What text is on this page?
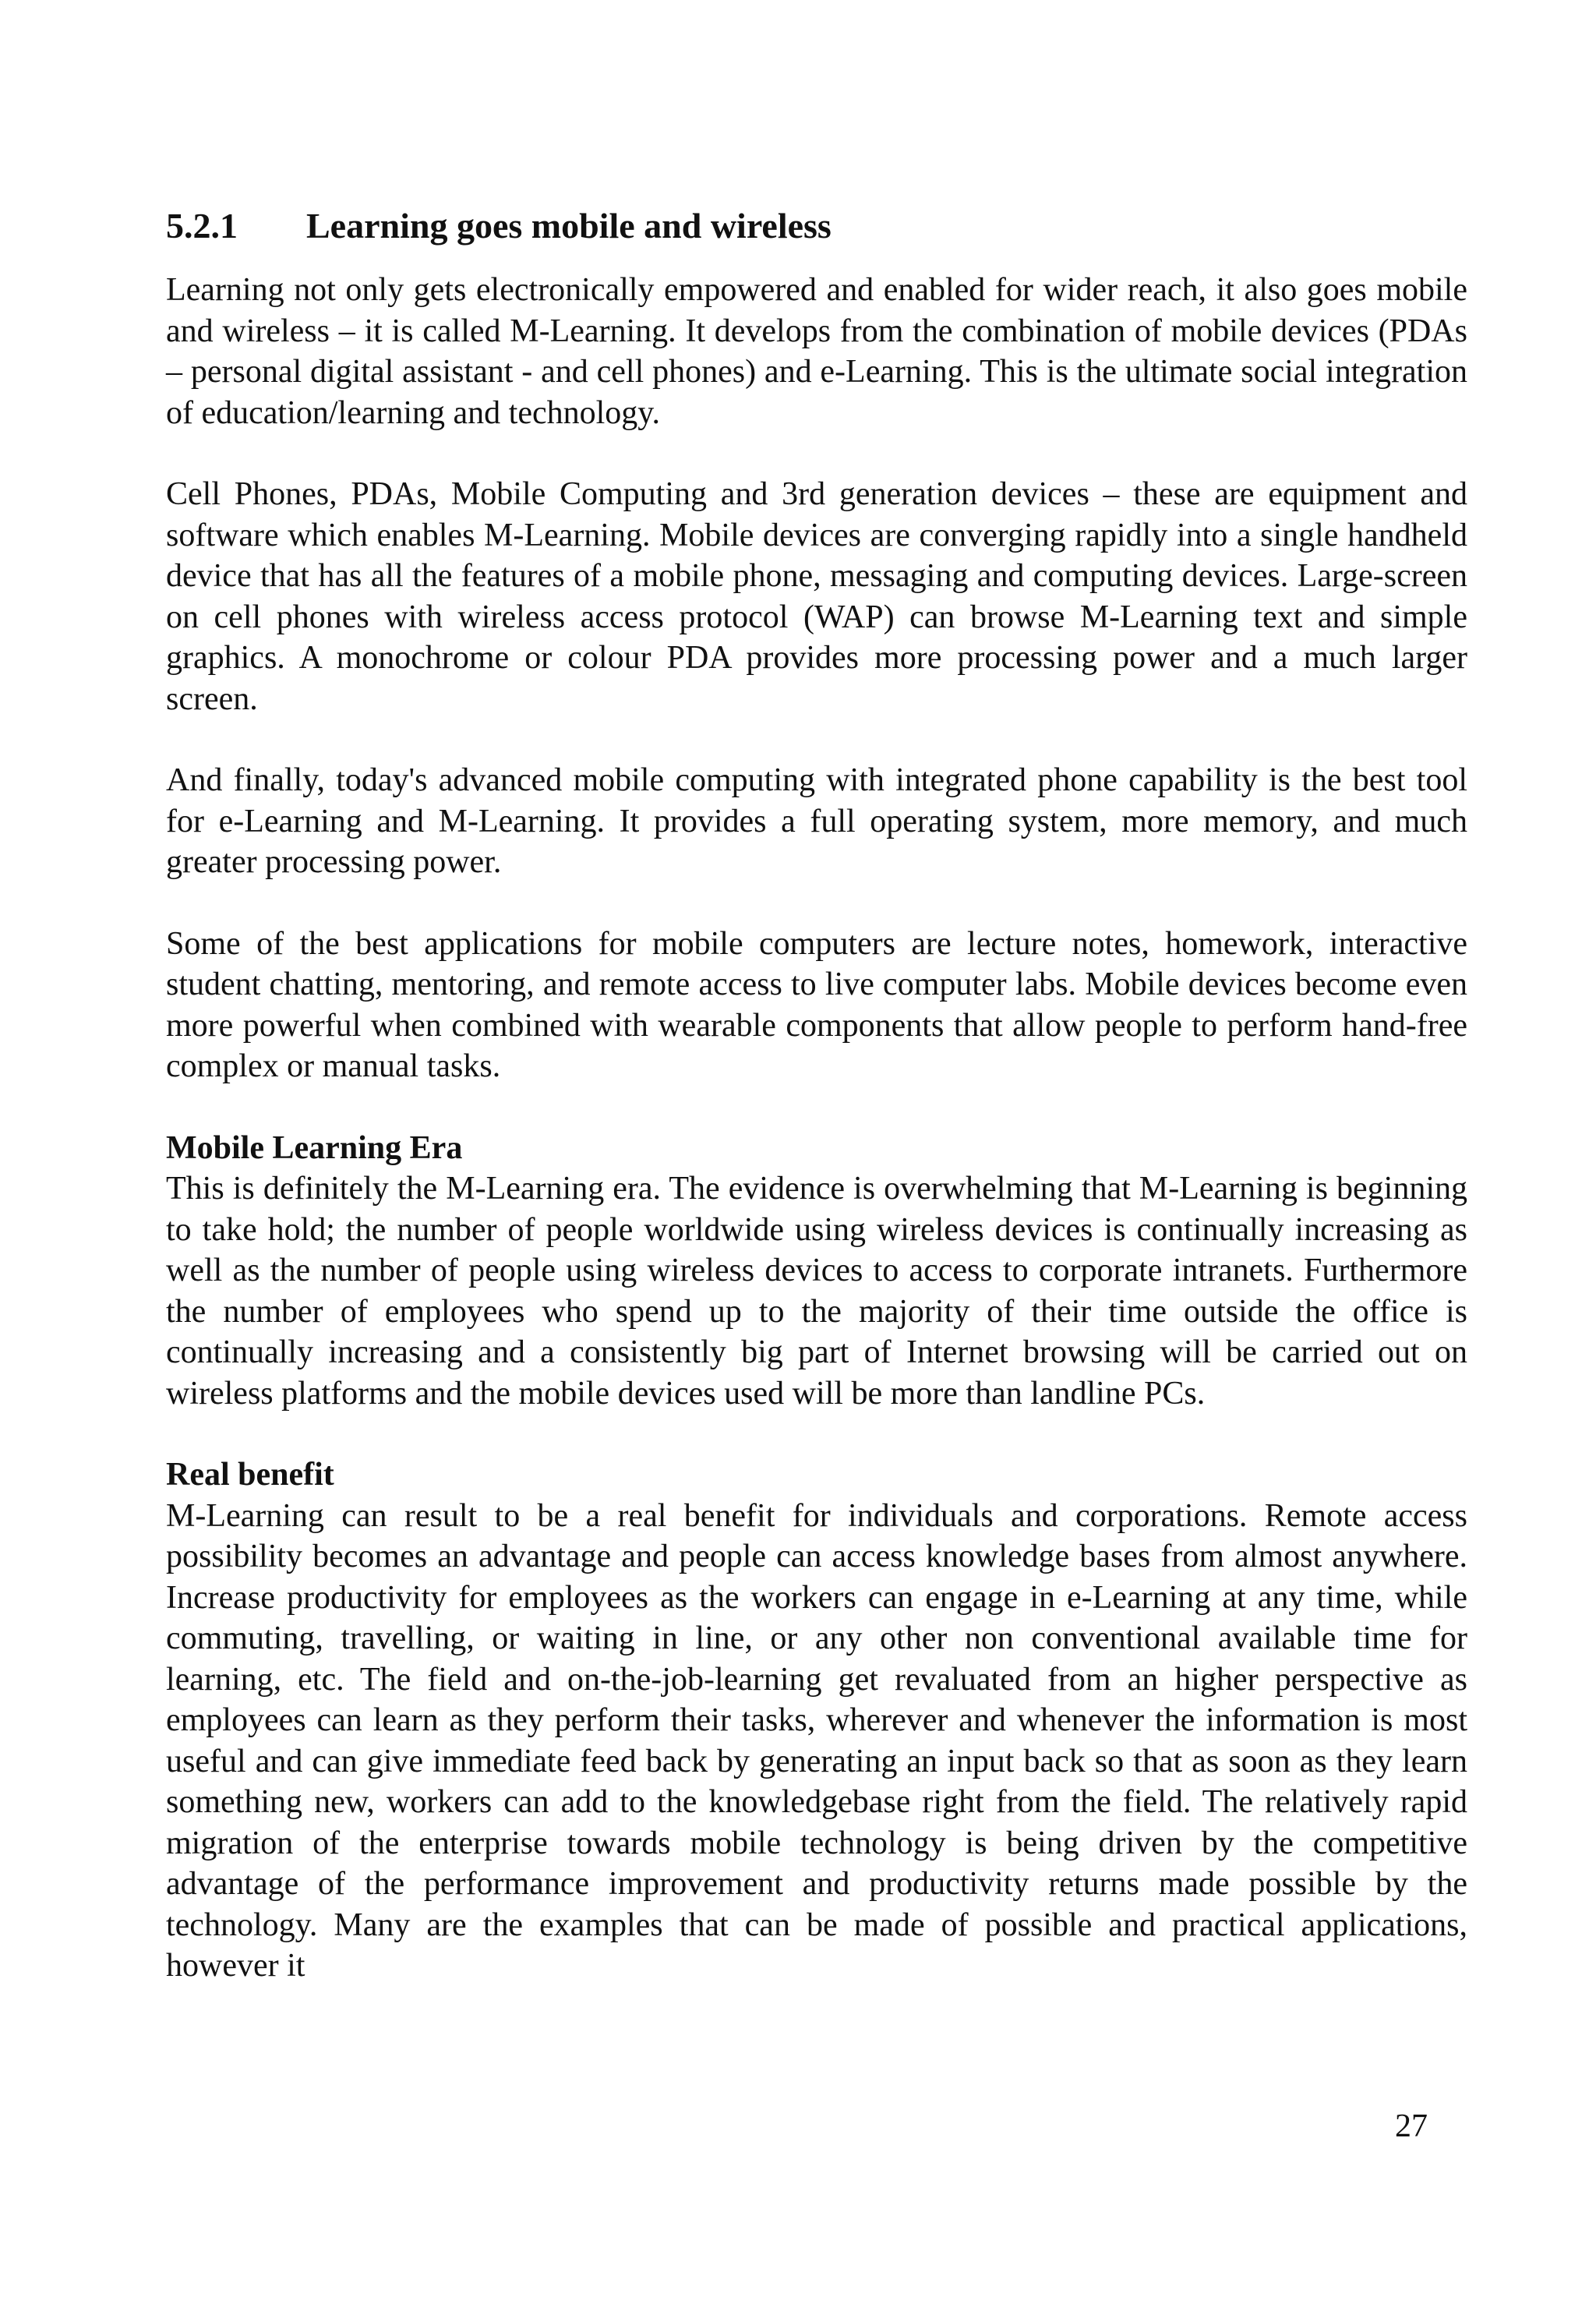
5.2.1	Learning goes mobile and wireless

Learning not only gets electronically empowered and enabled for wider reach, it also goes mobile and wireless – it is called M-Learning. It develops from the combination of mobile devices (PDAs – personal digital assistant - and cell phones) and e-Learning. This is the ultimate social integration of education/learning and technology.

Cell Phones, PDAs, Mobile Computing and 3rd generation devices – these are equipment and software which enables M-Learning. Mobile devices are converging rapidly into a single handheld device that has all the features of a mobile phone, messaging and computing devices. Large-screen on cell phones with wireless access protocol (WAP) can browse M-Learning text and simple graphics. A monochrome or colour PDA provides more processing power and a much larger screen.

And finally, today's advanced mobile computing with integrated phone capability is the best tool for e-Learning and M-Learning. It provides a full operating system, more memory, and much greater processing power.

Some of the best applications for mobile computers are lecture notes, homework, interactive student chatting, mentoring, and remote access to live computer labs. Mobile devices become even more powerful when combined with wearable components that allow people to perform hand-free complex or manual tasks.

Mobile Learning Era

This is definitely the M-Learning era. The evidence is overwhelming that M-Learning is beginning to take hold; the number of people worldwide using wireless devices is continually increasing as well as the number of people using wireless devices to access to corporate intranets. Furthermore the number of employees who spend up to the majority of their time outside the office is continually increasing and a consistently big part of Internet browsing will be carried out on wireless platforms and the mobile devices used will be more than landline PCs.

Real benefit

M-Learning can result to be a real benefit for individuals and corporations. Remote access possibility becomes an advantage and people can access knowledge bases from almost anywhere. Increase productivity for employees as the workers can engage in e-Learning at any time, while commuting, travelling, or waiting in line, or any other non conventional available time for learning, etc. The field and on-the-job-learning get revaluated from an higher perspective as employees can learn as they perform their tasks, wherever and whenever the information is most useful and can give immediate feed back by generating an input back so that as soon as they learn something new, workers can add to the knowledgebase right from the field. The relatively rapid migration of the enterprise towards mobile technology is being driven by the competitive advantage of the performance improvement and productivity returns made possible by the technology. Many are the examples that can be made of possible and practical applications, however it

27
